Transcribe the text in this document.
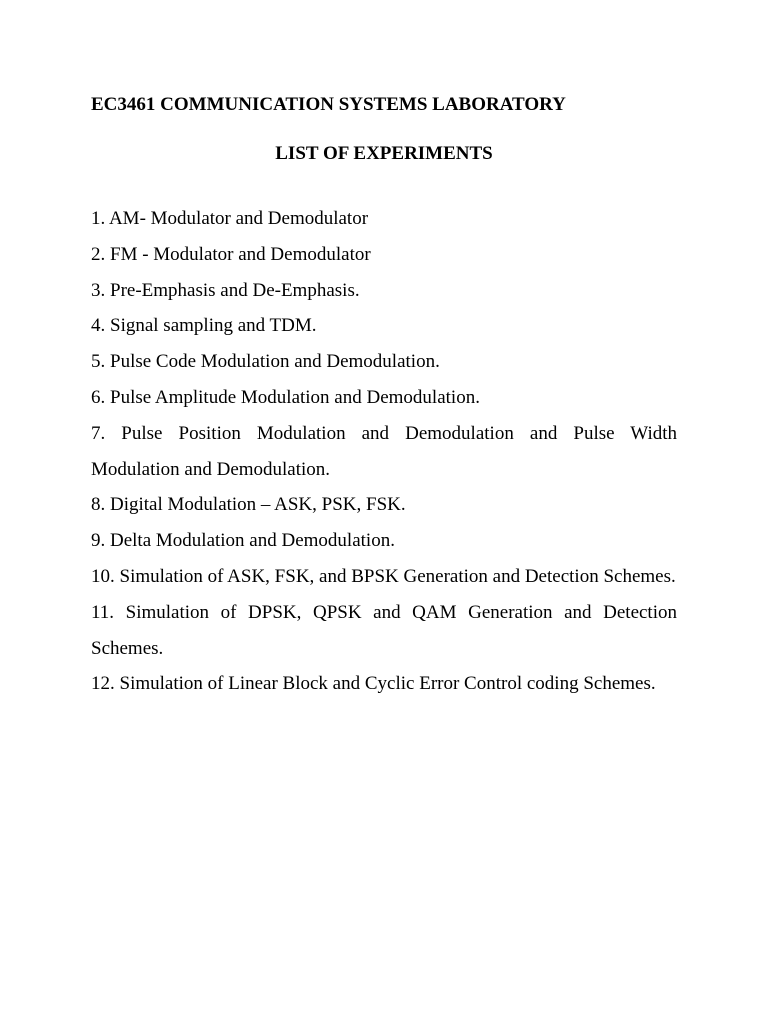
EC3461 COMMUNICATION SYSTEMS LABORATORY
LIST OF EXPERIMENTS
1. AM- Modulator and Demodulator
2. FM - Modulator and Demodulator
3. Pre-Emphasis and De-Emphasis.
4. Signal sampling and TDM.
5. Pulse Code Modulation and Demodulation.
6. Pulse Amplitude Modulation and Demodulation.
7. Pulse Position Modulation and Demodulation and Pulse Width Modulation and Demodulation.
8. Digital Modulation – ASK, PSK, FSK.
9. Delta Modulation and Demodulation.
10. Simulation of ASK, FSK, and BPSK Generation and Detection Schemes.
11. Simulation of DPSK, QPSK and QAM Generation and Detection Schemes.
12. Simulation of Linear Block and Cyclic Error Control coding Schemes.
